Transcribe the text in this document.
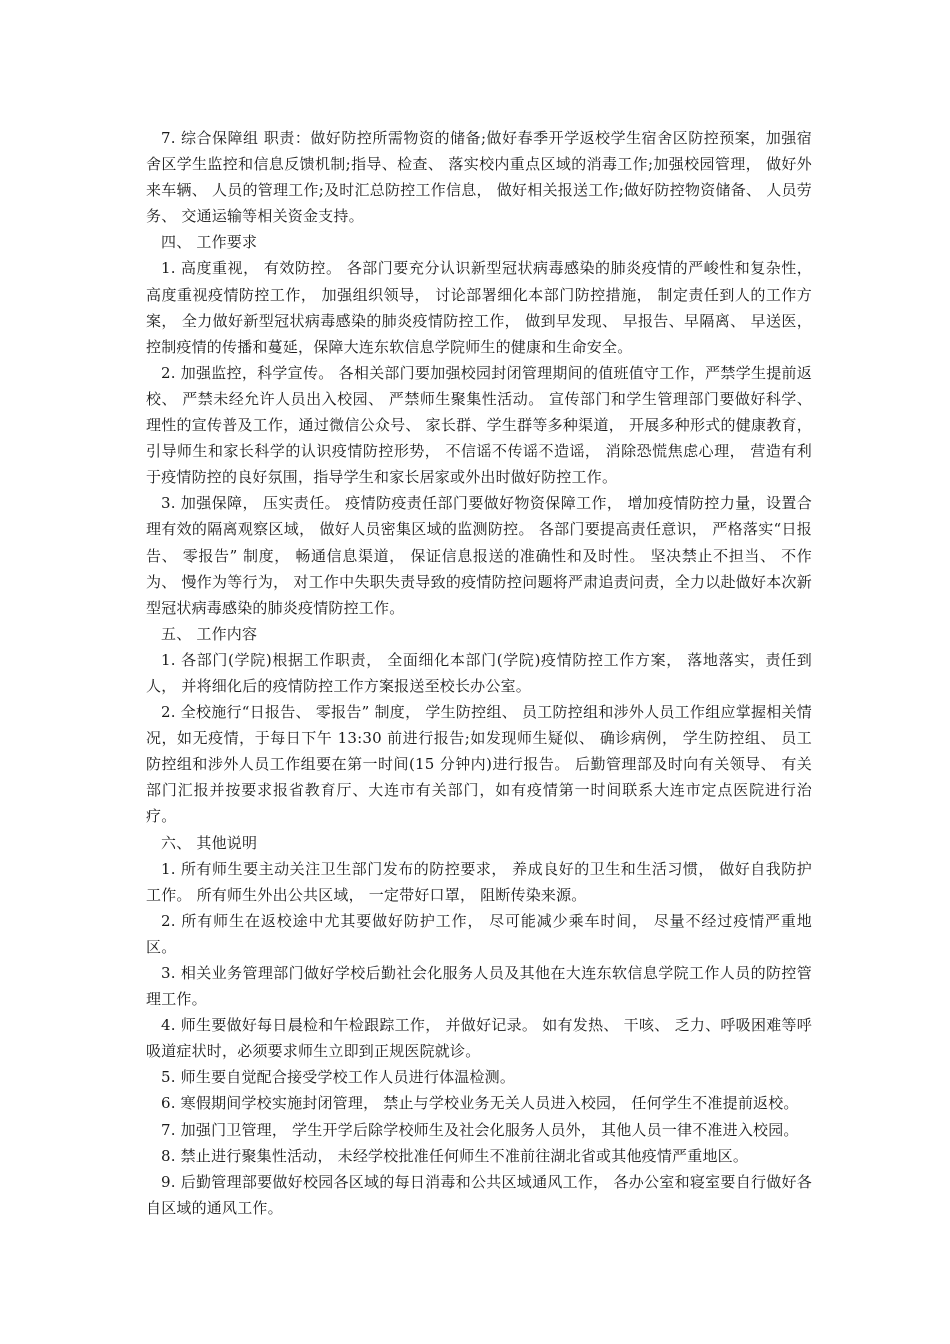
7. 综合保障组 职责：做好防控所需物资的储备;做好春季开学返校学生宿舍区防控预案，加强宿舍区学生监控和信息反馈机制;指导、检查、 落实校内重点区域的消毒工作;加强校园管理， 做好外来车辆、 人员的管理工作;及时汇总防控工作信息， 做好相关报送工作;做好防控物资储备、 人员劳务、 交通运输等相关资金支持。

四、 工作要求

1. 高度重视， 有效防控。 各部门要充分认识新型冠状病毒感染的肺炎疫情的严峻性和复杂性， 高度重视疫情防控工作， 加强组织领导， 讨论部署细化本部门防控措施， 制定责任到人的工作方案， 全力做好新型冠状病毒感染的肺炎疫情防控工作， 做到早发现、 早报告、早隔离、 早送医， 控制疫情的传播和蔓延，保障大连东软信息学院师生的健康和生命安全。

2. 加强监控，科学宣传。 各相关部门要加强校园封闭管理期间的值班值守工作，严禁学生提前返校、 严禁未经允许人员出入校园、 严禁师生聚集性活动。 宣传部门和学生管理部门要做好科学、 理性的宣传普及工作，通过微信公众号、 家长群、学生群等多种渠道， 开展多种形式的健康教育， 引导师生和家长科学的认识疫情防控形势， 不信谣不传谣不造谣， 消除恐慌焦虑心理， 营造有利于疫情防控的良好氛围，指导学生和家长居家或外出时做好防控工作。

3. 加强保障， 压实责任。 疫情防疫责任部门要做好物资保障工作， 增加疫情防控力量，设置合理有效的隔离观察区域， 做好人员密集区域的监测防控。 各部门要提高责任意识， 严格落实“日报告、 零报告” 制度， 畅通信息渠道， 保证信息报送的准确性和及时性。 坚决禁止不担当、 不作为、 慢作为等行为， 对工作中失职失责导致的疫情防控问题将严肃追责问责，全力以赴做好本次新型冠状病毒感染的肺炎疫情防控工作。

五、 工作内容

1. 各部门(学院)根据工作职责， 全面细化本部门(学院)疫情防控工作方案， 落地落实，责任到人， 并将细化后的疫情防控工作方案报送至校长办公室。

2. 全校施行“日报告、 零报告” 制度， 学生防控组、 员工防控组和涉外人员工作组应掌握相关情况，如无疫情，于每日下午 13:30 前进行报告;如发现师生疑似、 确诊病例， 学生防控组、 员工防控组和涉外人员工作组要在第一时间(15 分钟内)进行报告。 后勤管理部及时向有关领导、 有关部门汇报并按要求报省教育厅、大连市有关部门，如有疫情第一时间联系大连市定点医院进行治疗。

六、 其他说明

1. 所有师生要主动关注卫生部门发布的防控要求， 养成良好的卫生和生活习惯， 做好自我防护工作。 所有师生外出公共区域， 一定带好口罩， 阻断传染来源。

2. 所有师生在返校途中尤其要做好防护工作， 尽可能减少乘车时间， 尽量不经过疫情严重地区。

3. 相关业务管理部门做好学校后勤社会化服务人员及其他在大连东软信息学院工作人员的防控管理工作。

4. 师生要做好每日晨检和午检跟踪工作， 并做好记录。 如有发热、 干咳、 乏力、呼吸困难等呼吸道症状时，必须要求师生立即到正规医院就诊。

5. 师生要自觉配合接受学校工作人员进行体温检测。

6. 寒假期间学校实施封闭管理， 禁止与学校业务无关人员进入校园， 任何学生不准提前返校。

7. 加强门卫管理， 学生开学后除学校师生及社会化服务人员外， 其他人员一律不准进入校园。

8. 禁止进行聚集性活动， 未经学校批准任何师生不准前往湖北省或其他疫情严重地区。

9. 后勤管理部要做好校园各区域的每日消毒和公共区域通风工作， 各办公室和寝室要自行做好各自区域的通风工作。
